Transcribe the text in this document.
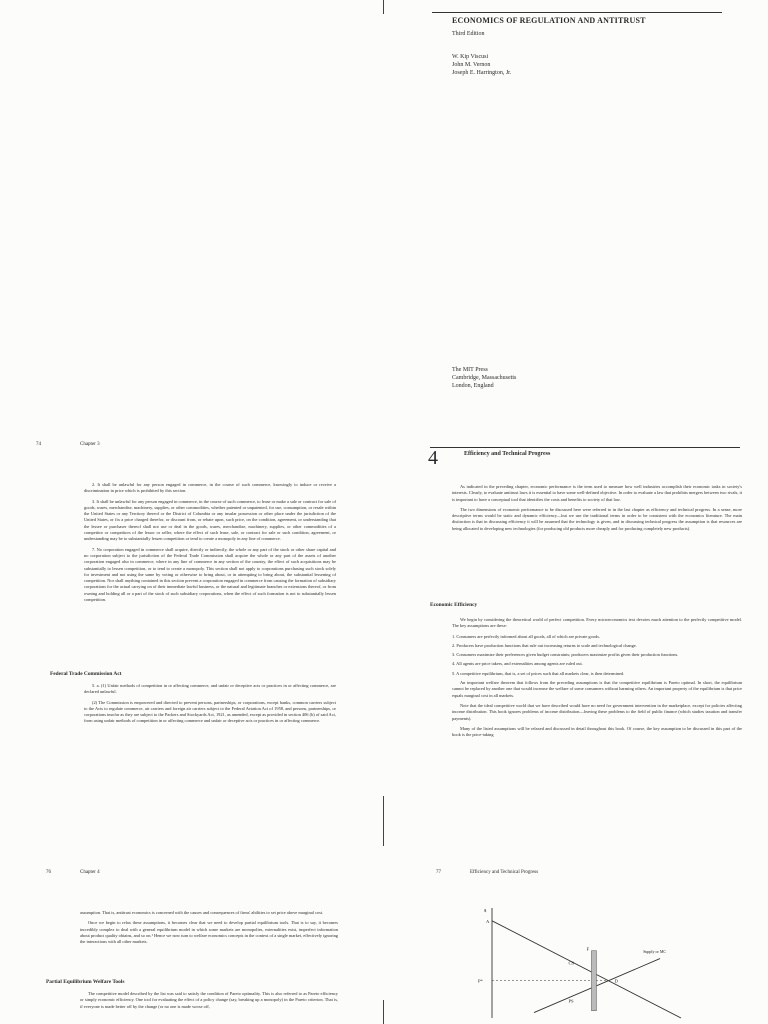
ECONOMICS OF REGULATION AND ANTITRUST
Third Edition
W. Kip Viscusi
John M. Vernon
Joseph E. Harrington, Jr.
The MIT Press
Cambridge, Massachusetts
London, England
74	Chapter 3

2. It shall be unlawful for any person engaged in commerce, in the course of such commerce, knowingly to induce or receive a discrimination in price which is prohibited by this section.

3. It shall be unlawful for any person engaged in commerce, in the course of such commerce, to lease or make a sale or contract for sale of goods, wares, merchandise, machinery, supplies, or other commodities, whether patented or unpatented, for use, consumption, or resale within the United States or any Territory thereof or the District of Columbia or any insular possession or other place under the jurisdiction of the United States, or fix a price charged therefor, or discount from, or rebate upon, such price, on the condition, agreement, or understanding that the lessee or purchaser thereof shall not use or deal in the goods, wares, merchandise, machinery, supplies, or other commodities of a competitor or competitors of the lessor or seller, where the effect of such lease, sale, or contract for sale or such condition, agreement, or understanding may be to substantially lessen competition or tend to create a monopoly in any line of commerce.

7. No corporation engaged in commerce shall acquire, directly or indirectly, the whole or any part of the stock or other share capital and no corporation subject to the jurisdiction of the Federal Trade Commission shall acquire the whole or any part of the assets of another corporation engaged also in commerce, where in any line of commerce in any section of the country, the effect of such acquisitions may be substantially to lessen competition, or to tend to create a monopoly. This section shall not apply to corporations purchasing such stock solely for investment and not using the same by voting or otherwise to bring about, or in attempting to bring about, the substantial lessening of competition. Nor shall anything contained in this section prevent a corporation engaged in commerce from causing the formation of subsidiary corporations for the actual carrying on of their immediate lawful business, or the natural and legitimate branches or extensions thereof, or from owning and holding all or a part of the stock of such subsidiary corporations, when the effect of such formation is not to substantially lessen competition.

Federal Trade Commission Act

5. a. (1) Unfair methods of competition in or affecting commerce, and unfair or deceptive acts or practices in or affecting commerce, are declared unlawful.

(2) The Commission is empowered and directed to prevent persons, partnerships, or corporations, except banks, common carriers subject to the Acts to regulate commerce, air carriers and foreign air carriers subject to the Federal Aviation Act of 1958, and persons, partnerships, or corporations insofar as they are subject to the Packers and Stockyards Act, 1921, as amended, except as provided in section 406 (b) of said Act, from using unfair methods of competition in or affecting commerce and unfair or deceptive acts or practices in or affecting commerce.

4	Efficiency and Technical Progress

As indicated in the preceding chapter, economic performance is the term used to measure how well industries accomplish their economic tasks in society's interests. Clearly, to evaluate antitrust laws it is essential to have some well-defined objective. In order to evaluate a law that prohibits mergers between two rivals, it is important to have a conceptual tool that identifies the costs and benefits to society of that law.

The two dimensions of economic performance to be discussed here were referred to in the last chapter as efficiency and technical progress. In a sense, more descriptive terms would be static and dynamic efficiency—but we use the traditional terms in order to be consistent with the economics literature. The main distinction is that in discussing efficiency it will be assumed that the technology is given, and in discussing technical progress the assumption is that resources are being allocated to developing new technologies (for producing old products more cheaply and for producing completely new products).

Economic Efficiency

We begin by considering the theoretical world of perfect competition. Every microeconomics text devotes much attention to the perfectly competitive model. The key assumptions are these:

1. Consumers are perfectly informed about all goods, all of which are private goods.
2. Producers have production functions that rule out increasing returns to scale and technological change.
3. Consumers maximize their preferences given budget constraints; producers maximize profits given their production functions.
4. All agents are price takers, and externalities among agents are ruled out.
5. A competitive equilibrium, that is, a set of prices such that all markets clear, is then determined.

An important welfare theorem that follows from the preceding assumptions is that the competitive equilibrium is Pareto optimal. In short, the equilibrium cannot be replaced by another one that would increase the welfare of some consumers without harming others. An important property of the equilibrium is that price equals marginal cost in all markets.

Note that the ideal competitive world that we have described would have no need for government intervention in the marketplace, except for policies affecting income distribution. This book ignores problems of income distribution—leaving these problems to the field of public finance (which studies taxation and transfer payments).

Many of the listed assumptions will be relaxed and discussed in detail throughout this book. Of course, the key assumption to be discussed in this part of the book is the price-taking

76	Chapter 4

assumption. That is, antitrust economics is concerned with the causes and consequences of firms' abilities to set price above marginal cost.

Once we begin to relax these assumptions, it becomes clear that we need to develop partial equilibrium tools. That is to say, it becomes incredibly complex to deal with a general equilibrium model in which some markets are monopolies, externalities exist, imperfect information about product quality obtains, and so on.¹ Hence we now turn to welfare economics concepts in the context of a single market, effectively ignoring the interactions with all other markets.

Partial Equilibrium Welfare Tools

The competitive model described by the list was said to satisfy the condition of Pareto optimality. This is also referred to as Pareto efficiency or simply economic efficiency. One tool for evaluating the effect of a policy change (say, breaking up a monopoly) in the Pareto criterion. That is, if everyone is made better off by the change (or no one is made worse off,

77	Efficiency and Technical Progress
$
A
Supply or MC
F
CS
P*	D
PS
